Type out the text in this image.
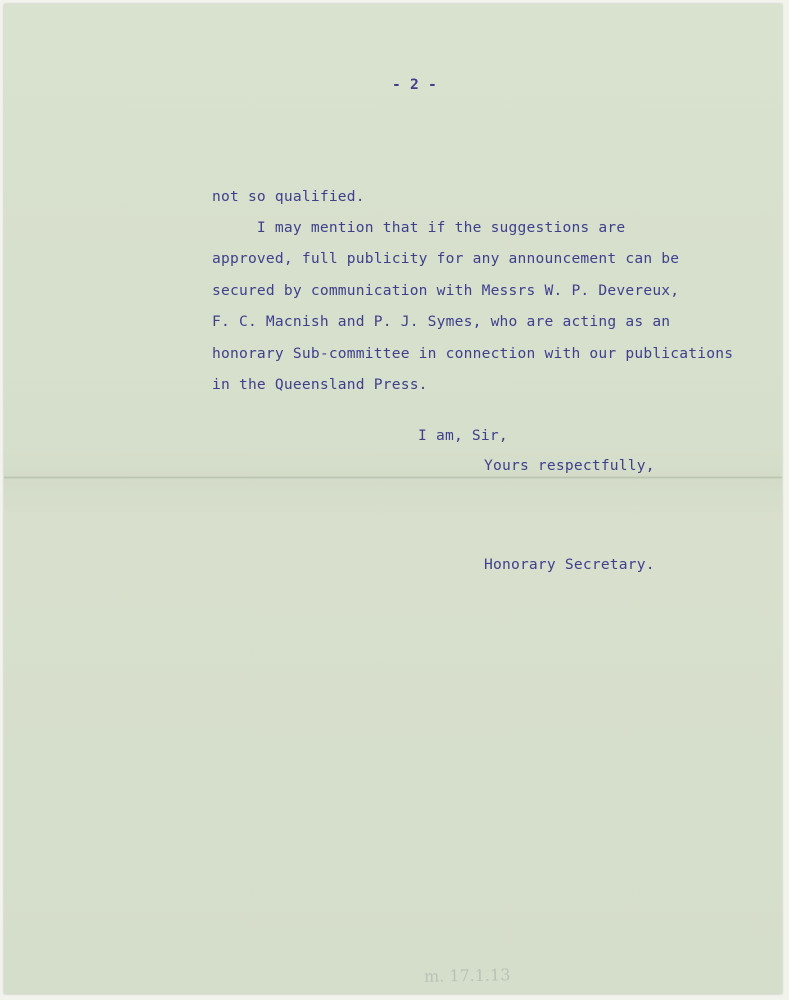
- 2 -
not so qualified.
I may mention that if the suggestions are
approved, full publicity for any announcement can be
secured by communication with Messrs W. P. Devereux,
F. C. Macnish and P. J. Symes, who are acting as an
honorary Sub-committee in connection with our publications
in the Queensland Press.
I am, Sir,
Yours respectfully,
Honorary Secretary.
m. 17.1.13
